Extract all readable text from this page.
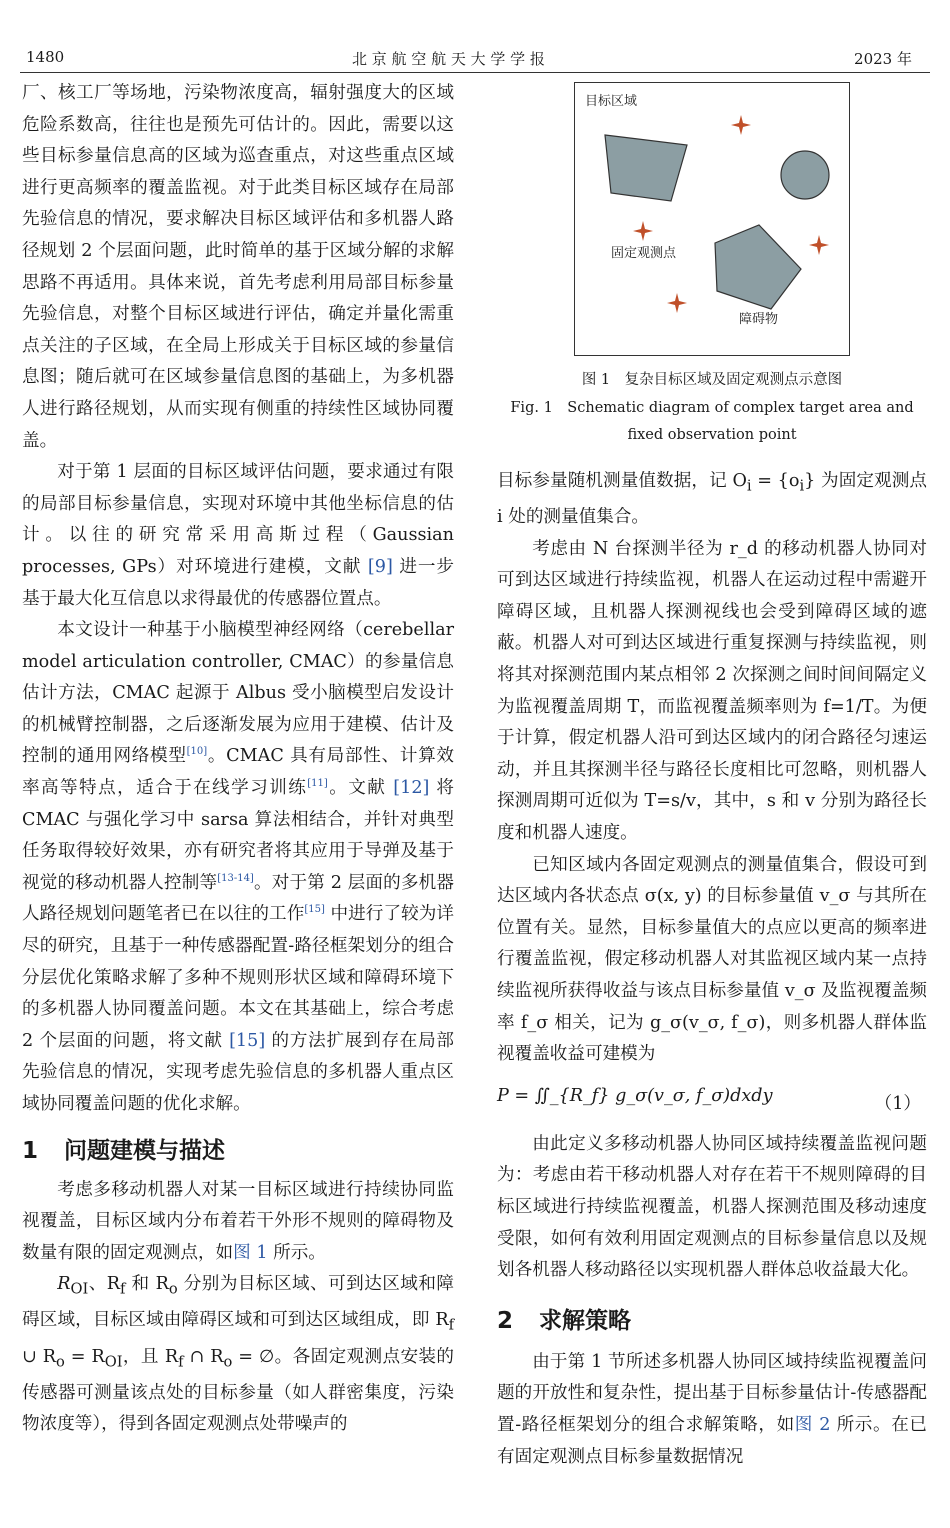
1480	北 京 航 空 航 天 大 学 学 报	2023 年

厂、核工厂等场地，污染物浓度高，辐射强度大的区域危险系数高，往往也是预先可估计的。因此，需要以这些目标参量信息高的区域为巡查重点，对这些重点区域进行更高频率的覆盖监视。对于此类目标区域存在局部先验信息的情况，要求解决目标区域评估和多机器人路径规划 2 个层面问题，此时简单的基于区域分解的求解思路不再适用。具体来说，首先考虑利用局部目标参量先验信息，对整个目标区域进行评估，确定并量化需重点关注的子区域，在全局上形成关于目标区域的参量信息图；随后就可在区域参量信息图的基础上，为多机器人进行路径规划，从而实现有侧重的持续性区域协同覆盖。

对于第 1 层面的目标区域评估问题，要求通过有限的局部目标参量信息，实现对环境中其他坐标信息的估计。以往的研究常采用高斯过程（Gaussian processes, GPs）对环境进行建模，文献 [9] 进一步基于最大化互信息以求得最优的传感器位置点。

本文设计一种基于小脑模型神经网络（cerebellar model articulation controller, CMAC）的参量信息估计方法，CMAC 起源于 Albus 受小脑模型启发设计的机械臂控制器，之后逐渐发展为应用于建模、估计及控制的通用网络模型[10]。CMAC 具有局部性、计算效率高等特点，适合于在线学习训练[11]。文献 [12] 将 CMAC 与强化学习中 sarsa 算法相结合，并针对典型任务取得较好效果，亦有研究者将其应用于导弹及基于视觉的移动机器人控制等[13-14]。对于第 2 层面的多机器人路径规划问题笔者已在以往的工作[15] 中进行了较为详尽的研究，且基于一种传感器配置-路径框架划分的组合分层优化策略求解了多种不规则形状区域和障碍环境下的多机器人协同覆盖问题。本文在其基础上，综合考虑 2 个层面的问题，将文献 [15] 的方法扩展到存在局部先验信息的情况，实现考虑先验信息的多机器人重点区域协同覆盖问题的优化求解。

1 问题建模与描述

考虑多移动机器人对某一目标区域进行持续协同监视覆盖，目标区域内分布着若干外形不规则的障碍物及数量有限的固定观测点，如图 1 所示。

$R_{OI}$、$R_f$ 和 $R_o$ 分别为目标区域、可到达区域和障碍区域，目标区域由障碍区域和可到达区域组成，即 $R_f$ ∪ $R_o = R_{OI}$，且 $R_f$ ∩ $R_o$ = ∅。各固定观测点安装的传感器可测量该点处的目标参量（如人群密集度，污染物浓度等），得到各固定观测点处带噪声的

目标区域
障碍物
固定观测点
图 1　复杂目标区域及固定观测点示意图
Fig. 1　Schematic diagram of complex target area and
fixed observation point

目标参量随机测量值数据，记 $O_i = \{o_i\}$ 为固定观测点 i 处的测量值集合。

考虑由 N 台探测半径为 r_d 的移动机器人协同对可到达区域进行持续监视，机器人在运动过程中需避开障碍区域，且机器人探测视线也会受到障碍区域的遮蔽。机器人对可到达区域进行重复探测与持续监视，则将其对探测范围内某点相邻 2 次探测之间时间间隔定义为监视覆盖周期 T，而监视覆盖频率则为 f=1/T。为便于计算，假定机器人沿可到达区域内的闭合路径匀速运动，并且其探测半径与路径长度相比可忽略，则机器人探测周期可近似为 T=s/v，其中，s 和 v 分别为路径长度和机器人速度。

已知区域内各固定观测点的测量值集合，假设可到达区域内各状态点 σ(x, y) 的目标参量值 v_σ 与其所在位置有关。显然，目标参量值大的点应以更高的频率进行覆盖监视，假定移动机器人对其监视区域内某一点持续监视所获得收益与该点目标参量值 v_σ 及监视覆盖频率 f_σ 相关，记为 g_σ(v_σ, f_σ)，则多机器人群体监视覆盖收益可建模为

P = ∬_{R_f} g_σ(v_σ, f_σ)dxdy	（1）

由此定义多移动机器人协同区域持续覆盖监视问题为：考虑由若干移动机器人对存在若干不规则障碍的目标区域进行持续监视覆盖，机器人探测范围及移动速度受限，如何有效利用固定观测点的目标参量信息以及规划各机器人移动路径以实现机器人群体总收益最大化。

2 求解策略

由于第 1 节所述多机器人协同区域持续监视覆盖问题的开放性和复杂性，提出基于目标参量估计-传感器配置-路径框架划分的组合求解策略，如图 2 所示。在已有固定观测点目标参量数据情况
